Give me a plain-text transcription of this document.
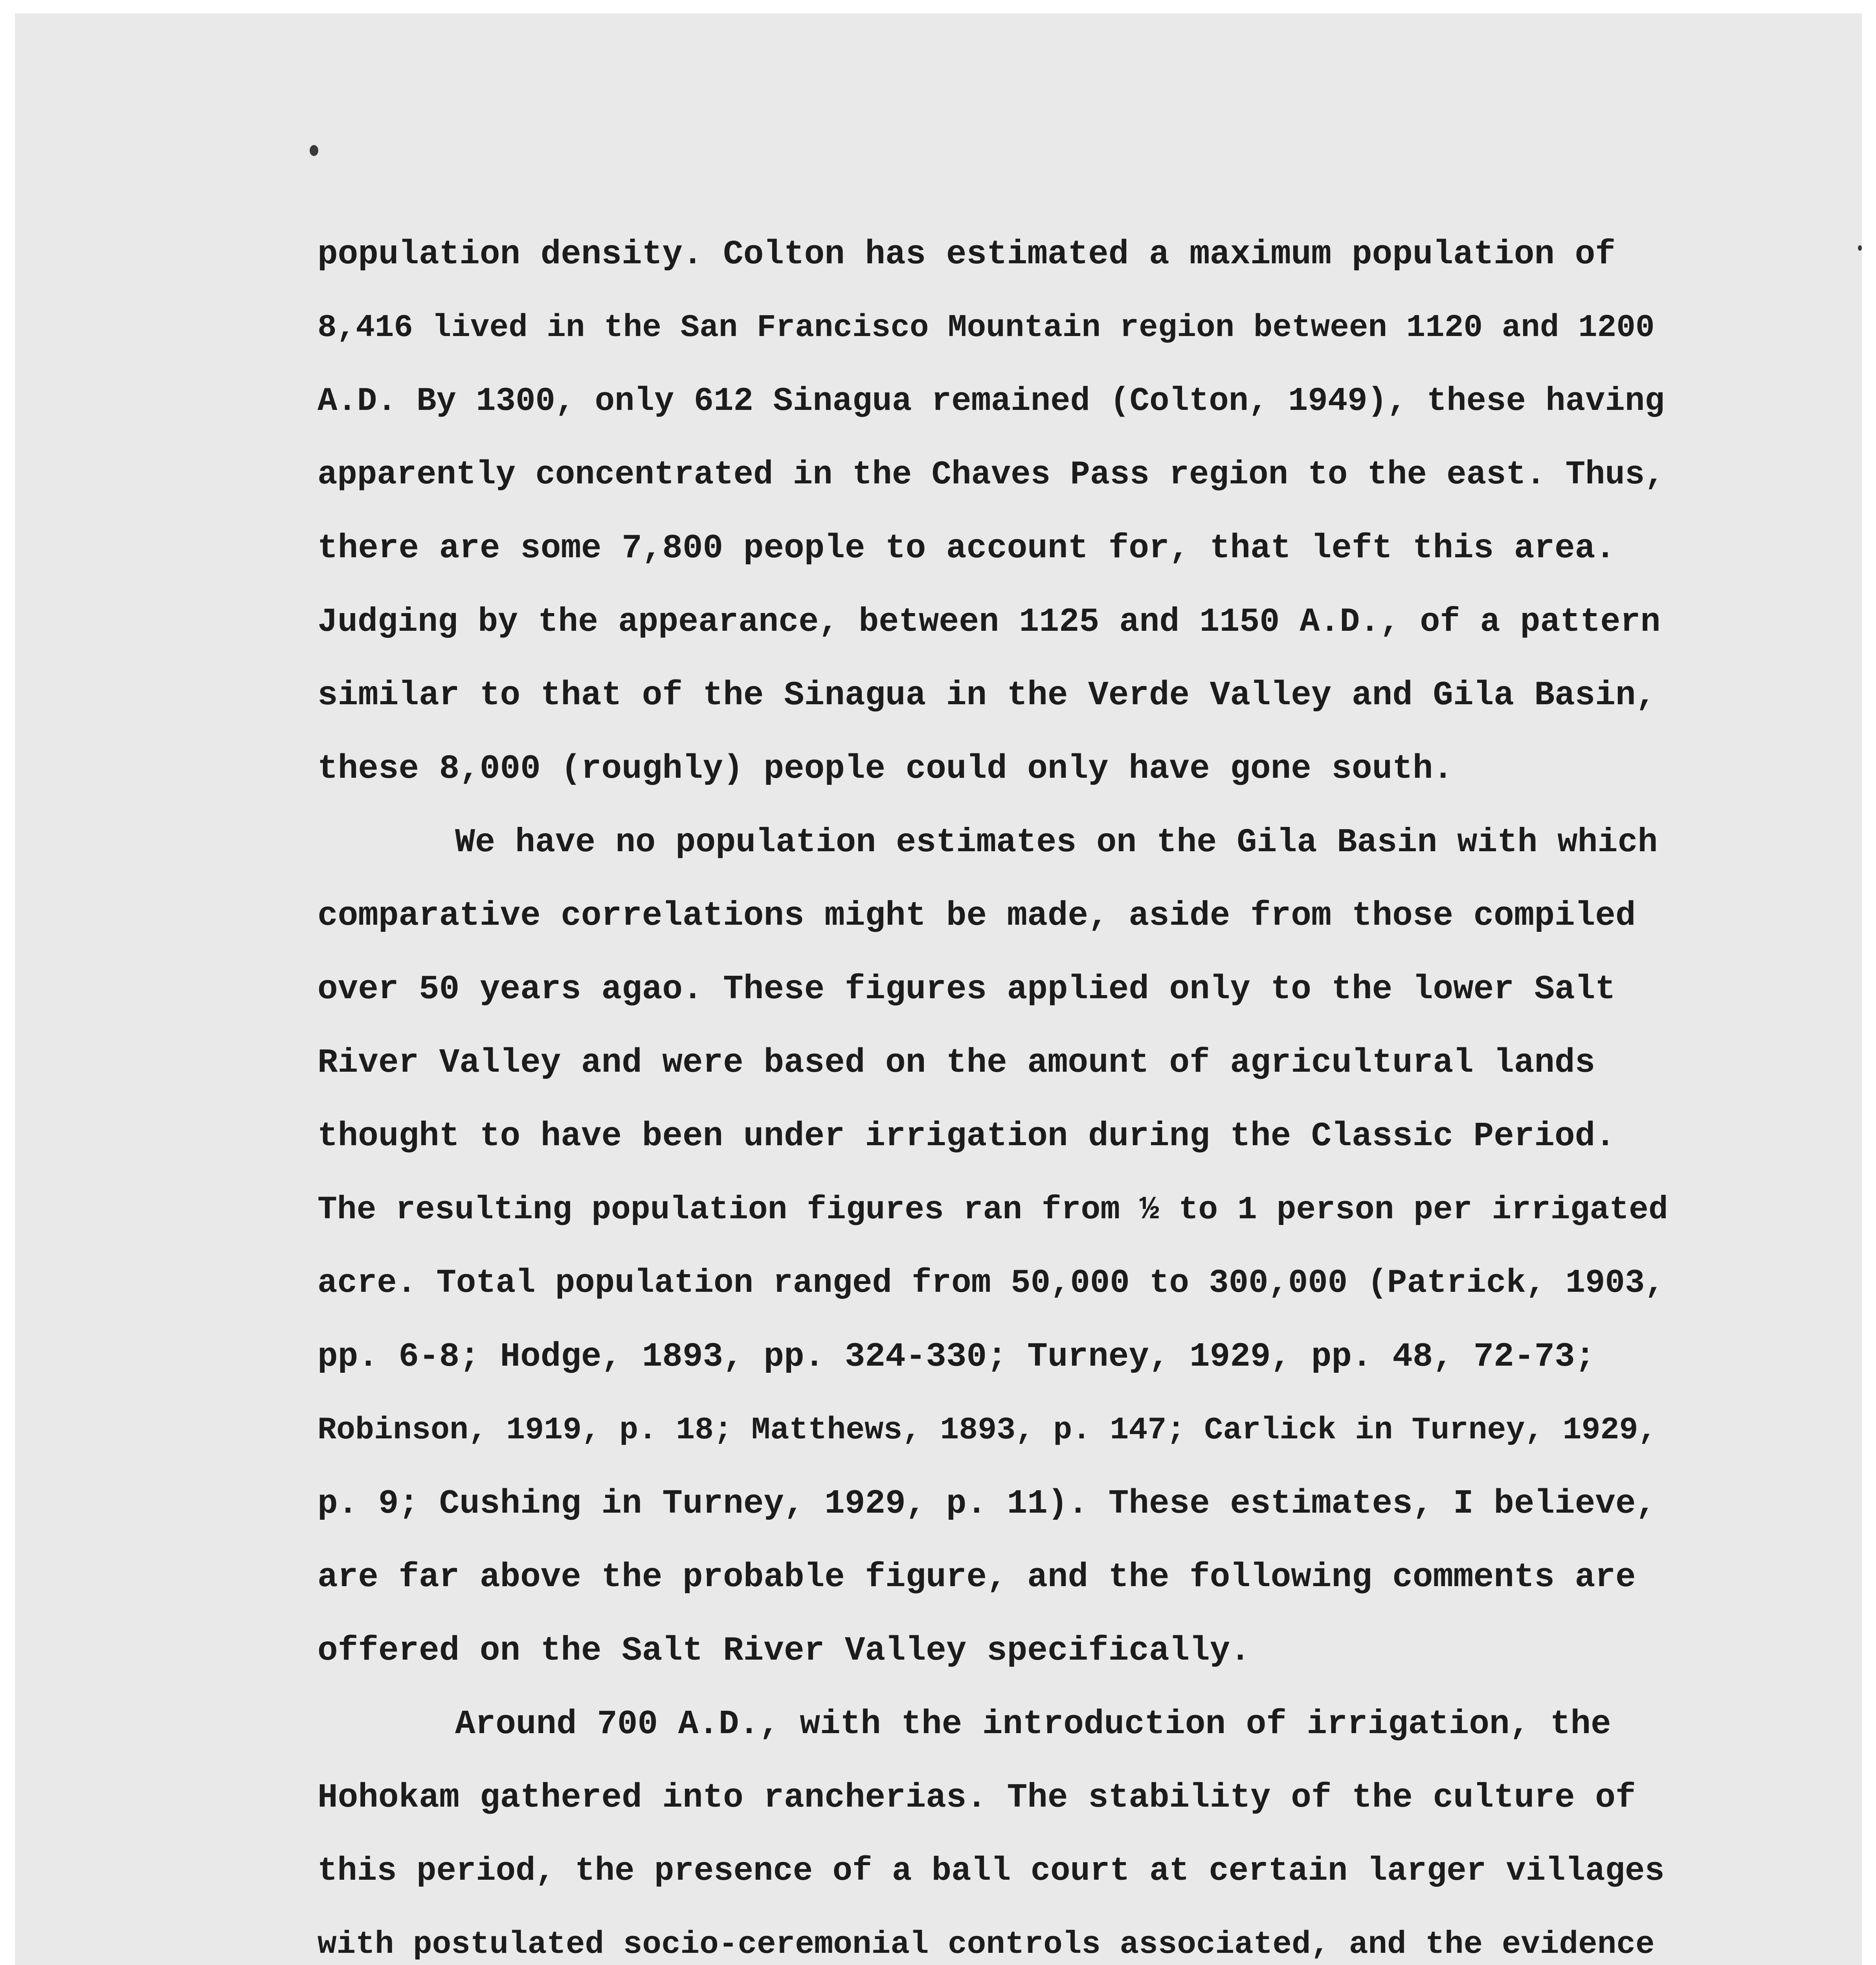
population density. Colton has estimated a maximum population of
8,416 lived in the San Francisco Mountain region between 1120 and 1200
A.D. By 1300, only 612 Sinagua remained (Colton, 1949), these having
apparently concentrated in the Chaves Pass region to the east. Thus,
there are some 7,800 people to account for, that left this area.
Judging by the appearance, between 1125 and 1150 A.D., of a pattern
similar to that of the Sinagua in the Verde Valley and Gila Basin,
these 8,000 (roughly) people could only have gone south.
We have no population estimates on the Gila Basin with which
comparative correlations might be made, aside from those compiled
over 50 years agao. These figures applied only to the lower Salt
River Valley and were based on the amount of agricultural lands
thought to have been under irrigation during the Classic Period.
The resulting population figures ran from ½ to 1 person per irrigated
acre. Total population ranged from 50,000 to 300,000 (Patrick, 1903,
pp. 6-8; Hodge, 1893, pp. 324-330; Turney, 1929, pp. 48, 72-73;
Robinson, 1919, p. 18; Matthews, 1893, p. 147; Carlick in Turney, 1929,
p. 9; Cushing in Turney, 1929, p. 11). These estimates, I believe,
are far above the probable figure, and the following comments are
offered on the Salt River Valley specifically.
Around 700 A.D., with the introduction of irrigation, the
Hohokam gathered into rancherias. The stability of the culture of
this period, the presence of a ball court at certain larger villages
with postulated socio-ceremonial controls associated, and the evidence
